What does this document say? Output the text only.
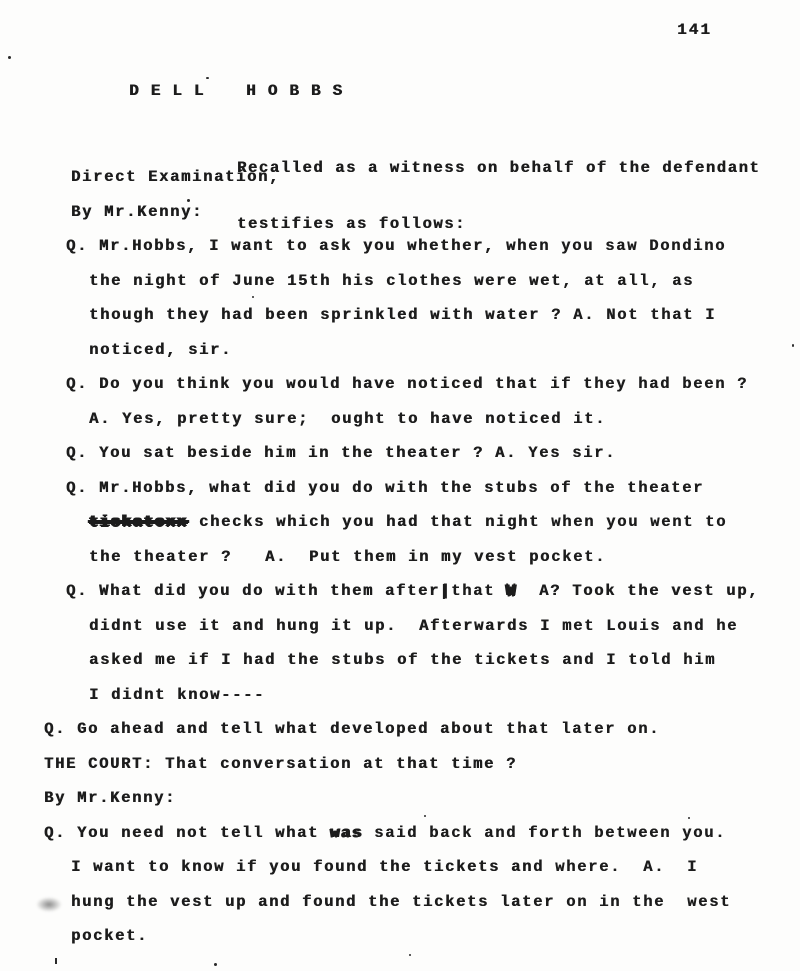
141
DELL HOBBS

Recalled as a witness on behalf of the defendant

testifies as follows:

Direct Examination,
By Mr.Kenny:
Q. Mr.Hobbs, I want to ask you whether, when you saw Dondino
the night of June 15th his clothes were wet, at all, as
though they had been sprinkled with water ? A. Not that I
noticed, sir.
Q. Do you think you would have noticed that if they had been ?
A. Yes, pretty sure;  ought to have noticed it.
Q. You sat beside him in the theater ? A. Yes sir.
Q. Mr.Hobbs, what did you do with the stubs of the theater
tiskatexx checks which you had that night when you went to
the theater ?   A.  Put them in my vest pocket.
Q. What did you do with them after|that W  A? Took the vest up,
didnt use it and hung it up.  Afterwards I met Louis and he
asked me if I had the stubs of the tickets and I told him
I didnt know----
Q. Go ahead and tell what developed about that later on.
THE COURT: That conversation at that time ?
By Mr.Kenny:
Q. You need not tell what was said back and forth between you.
I want to know if you found the tickets and where.  A.  I
hung the vest up and found the tickets later on in the  west
pocket.
